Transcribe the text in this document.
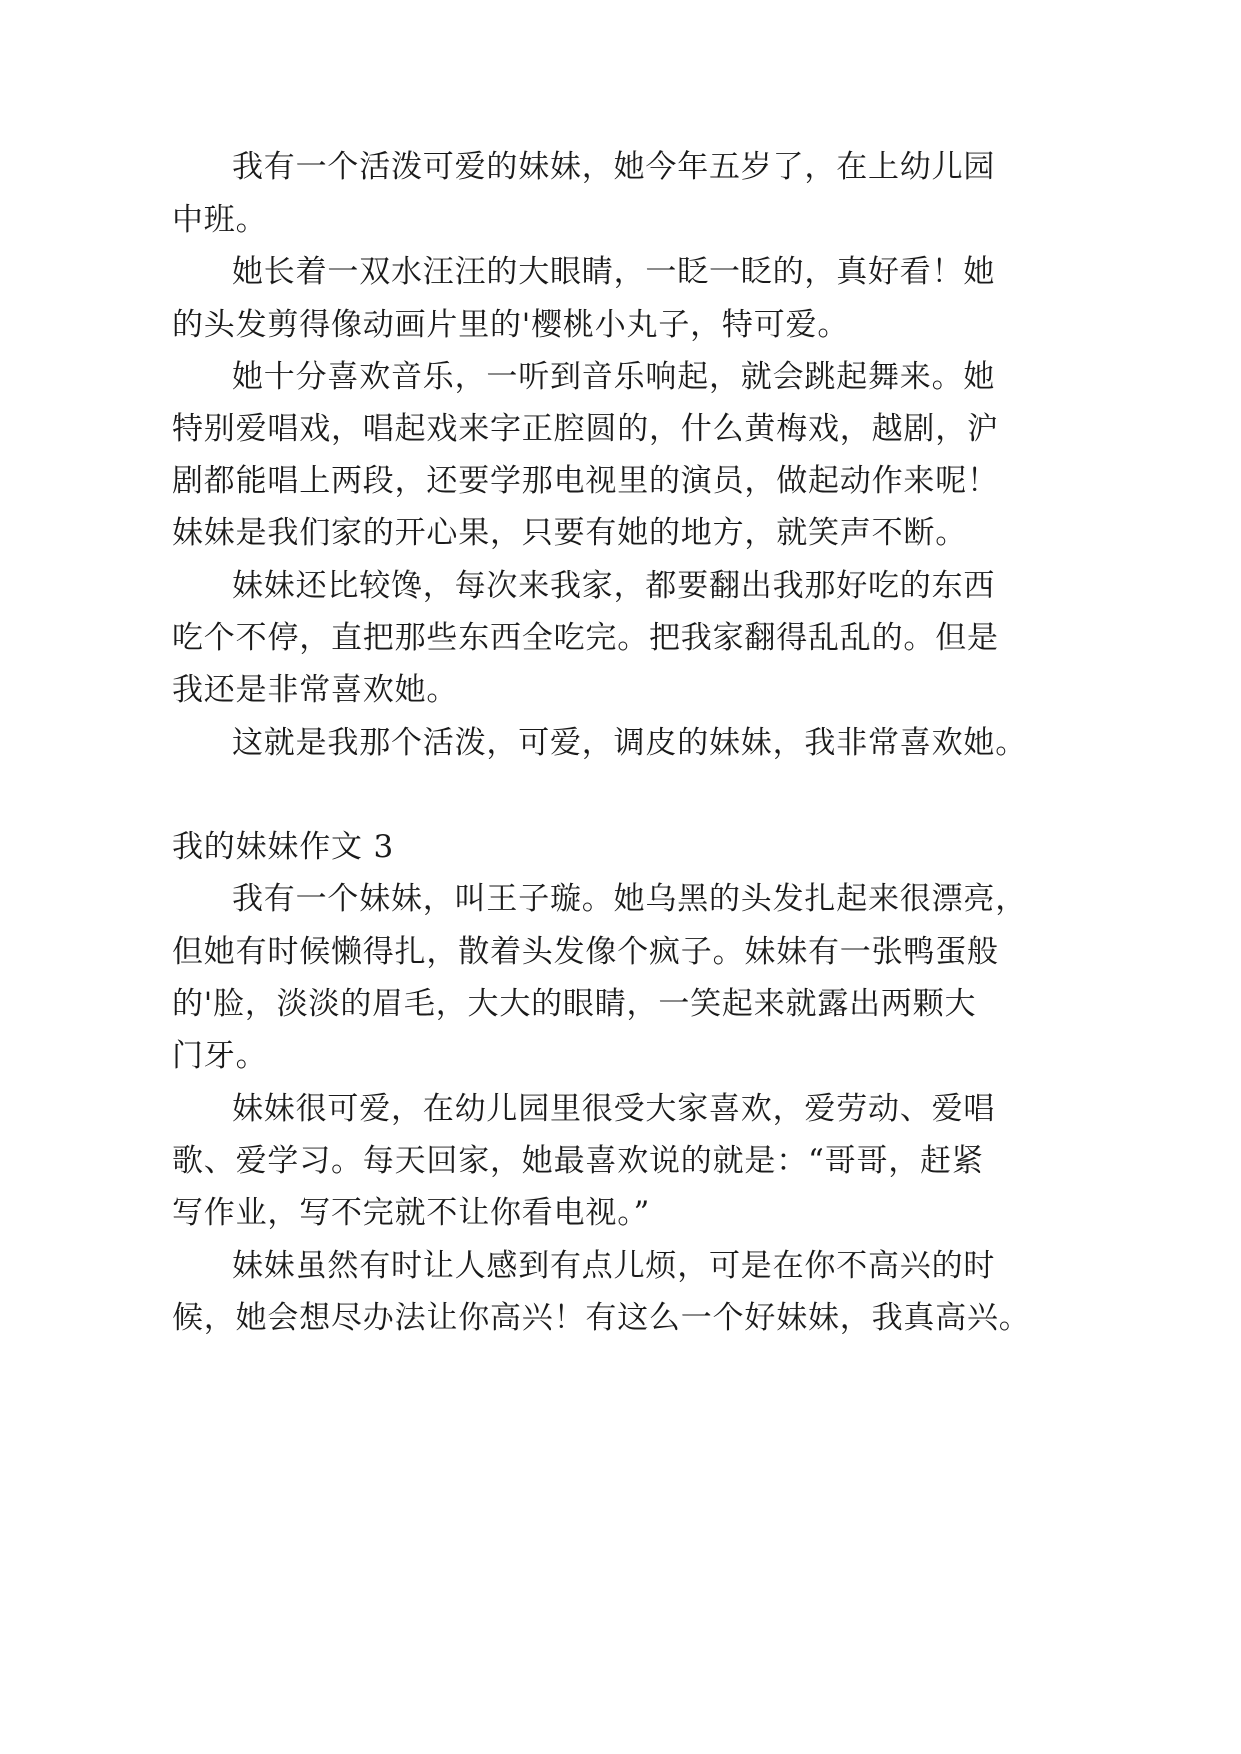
我有一个活泼可爱的妹妹，她今年五岁了，在上幼儿园
中班。
她长着一双水汪汪的大眼睛，一眨一眨的，真好看！她
的头发剪得像动画片里的'樱桃小丸子，特可爱。
她十分喜欢音乐，一听到音乐响起，就会跳起舞来。她
特别爱唱戏，唱起戏来字正腔圆的，什么黄梅戏，越剧，沪
剧都能唱上两段，还要学那电视里的演员，做起动作来呢！
妹妹是我们家的开心果，只要有她的地方，就笑声不断。
妹妹还比较馋，每次来我家，都要翻出我那好吃的东西
吃个不停，直把那些东西全吃完。把我家翻得乱乱的。但是
我还是非常喜欢她。
这就是我那个活泼，可爱，调皮的妹妹，我非常喜欢她。
我的妹妹作文 3
我有一个妹妹，叫王子璇。她乌黑的头发扎起来很漂亮，
但她有时候懒得扎，散着头发像个疯子。妹妹有一张鸭蛋般
的'脸，淡淡的眉毛，大大的眼睛，一笑起来就露出两颗大
门牙。
妹妹很可爱，在幼儿园里很受大家喜欢，爱劳动、爱唱
歌、爱学习。每天回家，她最喜欢说的就是：“哥哥，赶紧
写作业，写不完就不让你看电视。”
妹妹虽然有时让人感到有点儿烦，可是在你不高兴的时
候，她会想尽办法让你高兴！有这么一个好妹妹，我真高兴。
